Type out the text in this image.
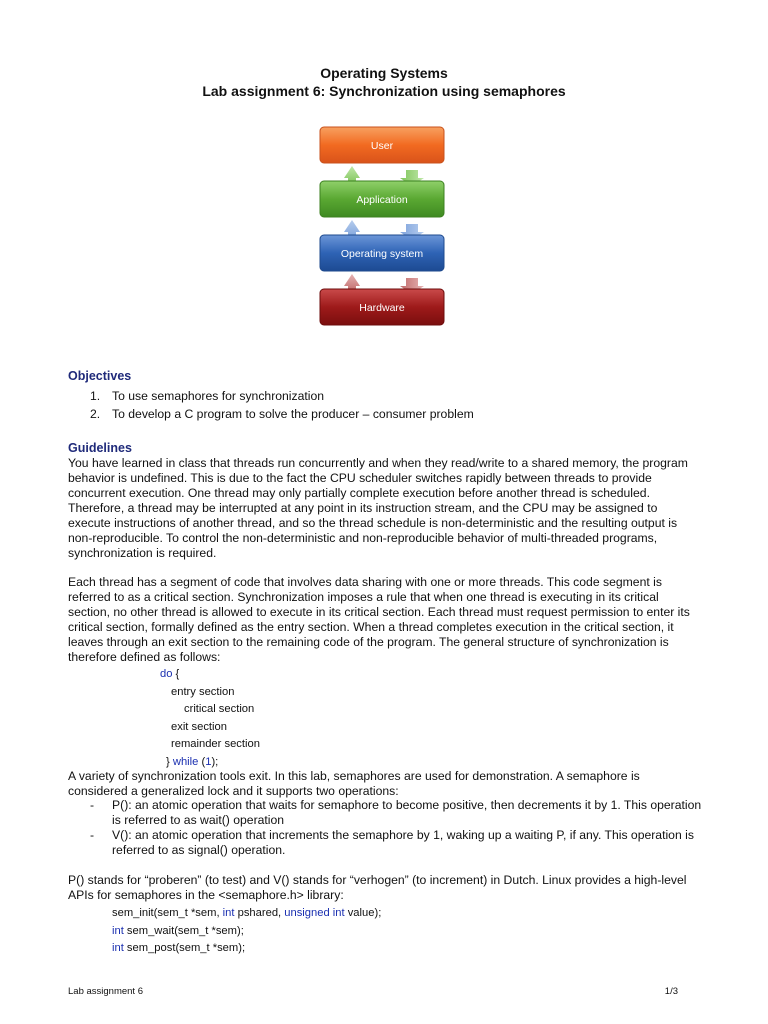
Operating Systems
Lab assignment 6: Synchronization using semaphores
User
Application
Operating system
Hardware
Objectives
1. To use semaphores for synchronization
2. To develop a C program to solve the producer – consumer problem
Guidelines

You have learned in class that threads run concurrently and when they read/write to a shared memory, the program behavior is undefined. This is due to the fact the CPU scheduler switches rapidly between threads to provide concurrent execution. One thread may only partially complete execution before another thread is scheduled. Therefore, a thread may be interrupted at any point in its instruction stream, and the CPU may be assigned to execute instructions of another thread, and so the thread schedule is non-deterministic and the resulting output is non-reproducible. To control the non-deterministic and non-reproducible behavior of multi-threaded programs, synchronization is required.

Each thread has a segment of code that involves data sharing with one or more threads. This code segment is referred to as a critical section. Synchronization imposes a rule that when one thread is executing in its critical section, no other thread is allowed to execute in its critical section. Each thread must request permission to enter its critical section, formally defined as the entry section. When a thread completes execution in the critical section, it leaves through an exit section to the remaining code of the program. The general structure of synchronization is therefore defined as follows:

do {
entry section
critical section
exit section
remainder section
} while (1);

A variety of synchronization tools exit. In this lab, semaphores are used for demonstration. A semaphore is considered a generalized lock and it supports two operations:

- P(): an atomic operation that waits for semaphore to become positive, then decrements it by 1. This operation is referred to as wait() operation
- V(): an atomic operation that increments the semaphore by 1, waking up a waiting P, if any. This operation is referred to as signal() operation.

P() stands for “proberen” (to test) and V() stands for “verhogen” (to increment) in Dutch. Linux provides a high-level APIs for semaphores in the <semaphore.h> library:

sem_init(sem_t *sem, int pshared, unsigned int value);
int sem_wait(sem_t *sem);
int sem_post(sem_t *sem);
Lab assignment 6	1/3
